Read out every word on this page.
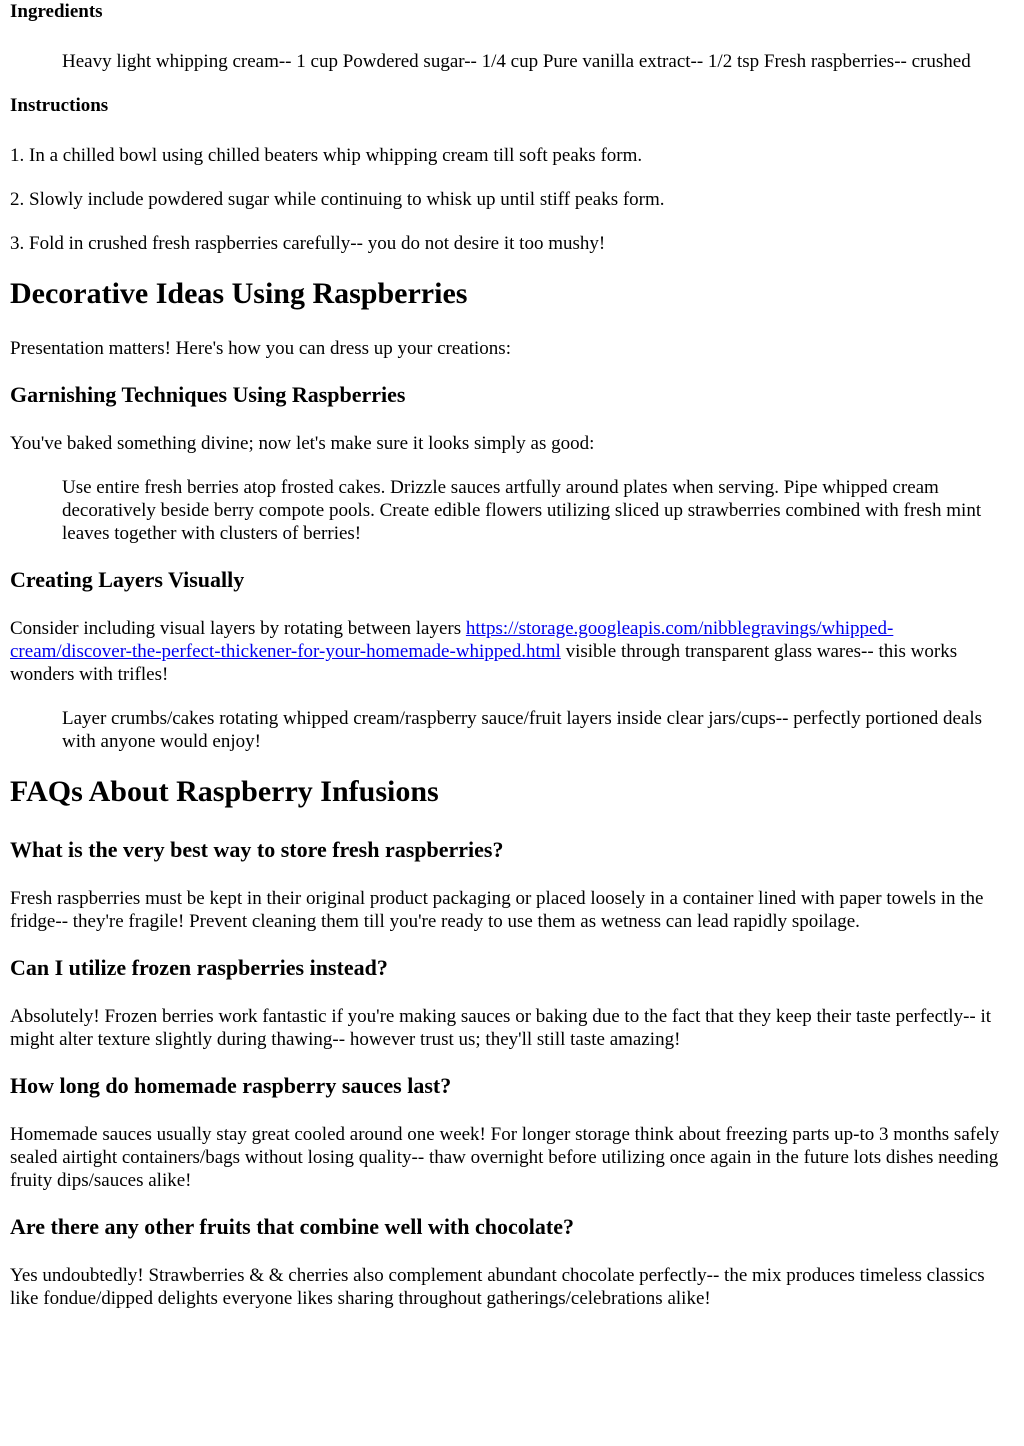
Ingredients
Heavy light whipping cream-- 1 cup Powdered sugar-- 1/4 cup Pure vanilla extract-- 1/2 tsp Fresh raspberries-- crushed
Instructions

1. In a chilled bowl using chilled beaters whip whipping cream till soft peaks form.

2. Slowly include powdered sugar while continuing to whisk up until stiff peaks form.

3. Fold in crushed fresh raspberries carefully-- you do not desire it too mushy!

Decorative Ideas Using Raspberries

Presentation matters! Here's how you can dress up your creations:

Garnishing Techniques Using Raspberries

You've baked something divine; now let's make sure it looks simply as good:

Use entire fresh berries atop frosted cakes. Drizzle sauces artfully around plates when serving. Pipe whipped cream decoratively beside berry compote pools. Create edible flowers utilizing sliced up strawberries combined with fresh mint leaves together with clusters of berries!
Creating Layers Visually

Consider including visual layers by rotating between layers https://storage.googleapis.com/nibblegravings/whipped-cream/discover-the-perfect-thickener-for-your-homemade-whipped.html visible through transparent glass wares-- this works wonders with trifles!

Layer crumbs/cakes rotating whipped cream/raspberry sauce/fruit layers inside clear jars/cups-- perfectly portioned deals with anyone would enjoy!
FAQs About Raspberry Infusions
What is the very best way to store fresh raspberries?

Fresh raspberries must be kept in their original product packaging or placed loosely in a container lined with paper towels in the fridge-- they're fragile! Prevent cleaning them till you're ready to use them as wetness can lead rapidly spoilage.

Can I utilize frozen raspberries instead?

Absolutely! Frozen berries work fantastic if you're making sauces or baking due to the fact that they keep their taste perfectly-- it might alter texture slightly during thawing-- however trust us; they'll still taste amazing!

How long do homemade raspberry sauces last?

Homemade sauces usually stay great cooled around one week! For longer storage think about freezing parts up-to 3 months safely sealed airtight containers/bags without losing quality-- thaw overnight before utilizing once again in the future lots dishes needing fruity dips/sauces alike!

Are there any other fruits that combine well with chocolate?

Yes undoubtedly! Strawberries & & cherries also complement abundant chocolate perfectly-- the mix produces timeless classics like fondue/dipped delights everyone likes sharing throughout gatherings/celebrations alike!
